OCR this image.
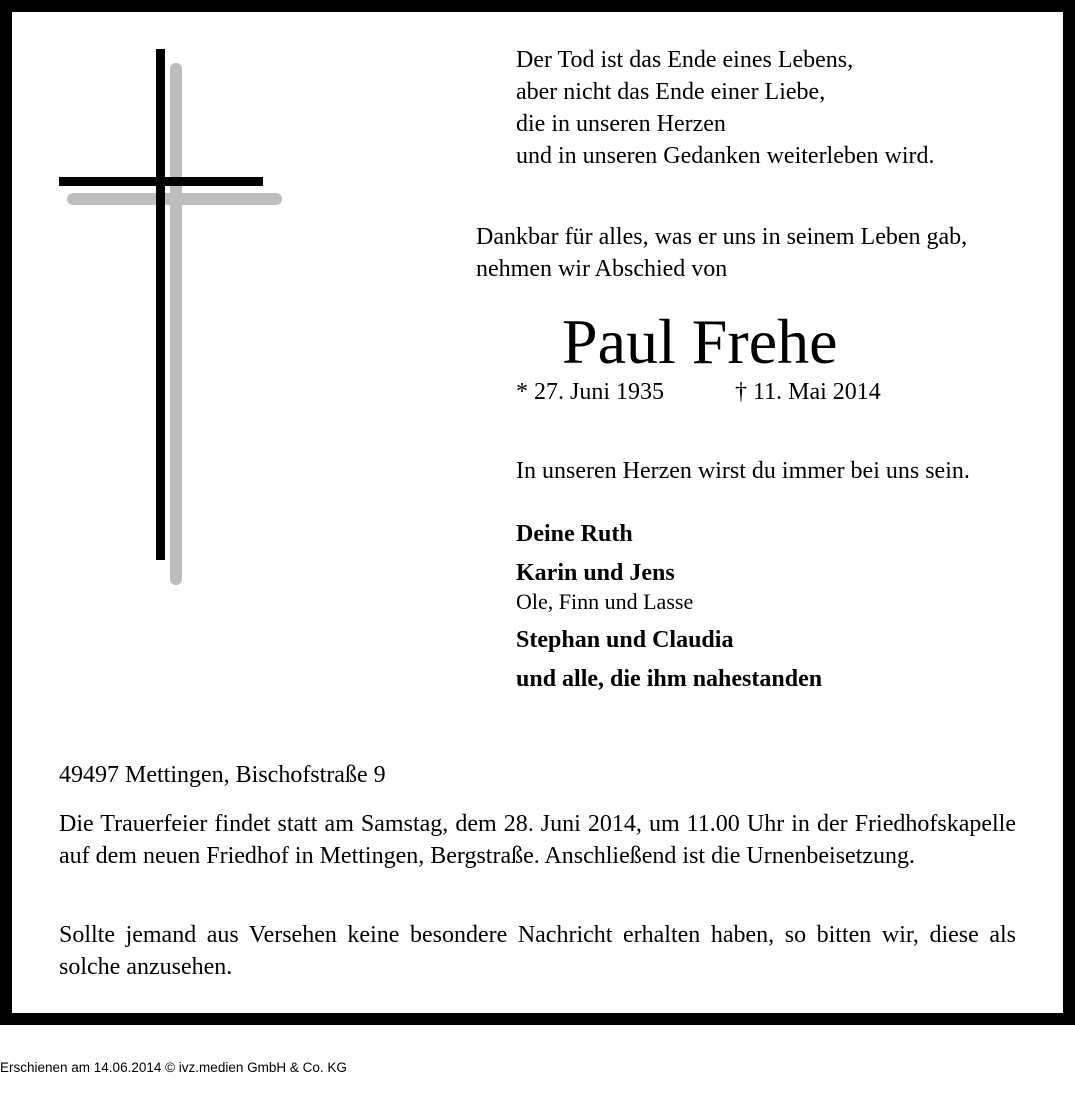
Der Tod ist das Ende eines Lebens,
aber nicht das Ende einer Liebe,
die in unseren Herzen
und in unseren Gedanken weiterleben wird.
Dankbar für alles, was er uns in seinem Leben gab,
nehmen wir Abschied von
Paul Frehe
* 27. Juni 1935	† 11. Mai 2014
In unseren Herzen wirst du immer bei uns sein.
Deine Ruth
Karin und Jens
Ole, Finn und Lasse
Stephan und Claudia
und alle, die ihm nahestanden
49497 Mettingen, Bischofstraße 9
Die Trauerfeier findet statt am Samstag, dem 28. Juni 2014, um 11.00 Uhr in der Friedhofskapelle auf dem neuen Friedhof in Mettingen, Bergstraße. Anschließend ist die Urnenbeisetzung.
Sollte jemand aus Versehen keine besondere Nachricht erhalten haben, so bitten wir, diese als solche anzusehen.
Erschienen am 14.06.2014 © ivz.medien GmbH & Co. KG
